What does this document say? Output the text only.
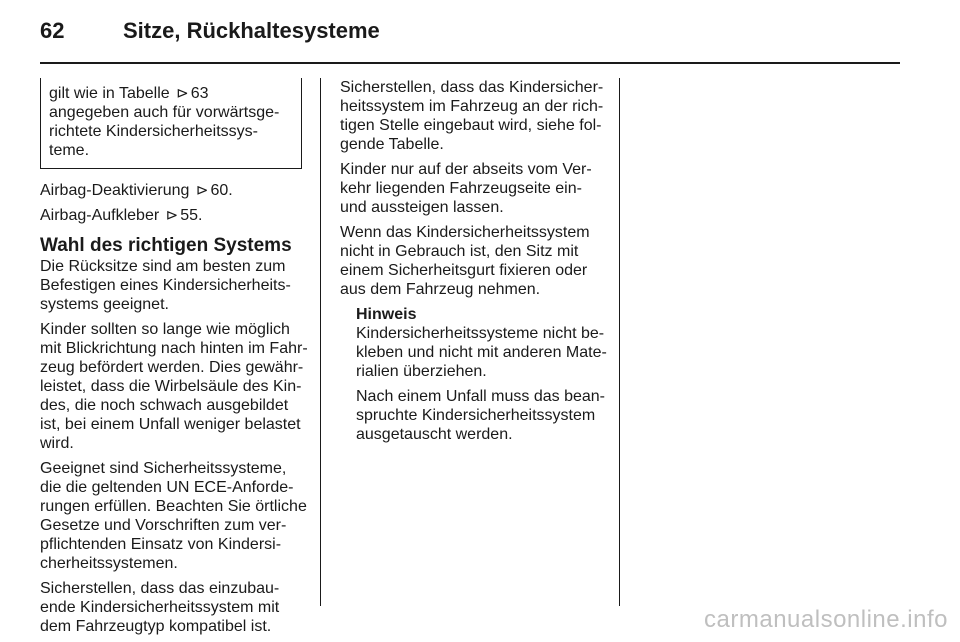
62	Sitze, Rückhaltesysteme
gilt wie in Tabelle ⊳ 63
angegeben auch für vorwärtsge-
richtete Kindersicherheitssys-
teme.

Airbag-Deaktivierung ⊳ 60.

Airbag-Aufkleber ⊳ 55.

Wahl des richtigen Systems

Die Rücksitze sind am besten zum
Befestigen eines Kindersicherheits-
systems geeignet.

Kinder sollten so lange wie möglich
mit Blickrichtung nach hinten im Fahr-
zeug befördert werden. Dies gewähr-
leistet, dass die Wirbelsäule des Kin-
des, die noch schwach ausgebildet
ist, bei einem Unfall weniger belastet
wird.

Geeignet sind Sicherheitssysteme,
die die geltenden UN ECE-Anforde-
rungen erfüllen. Beachten Sie örtliche
Gesetze und Vorschriften zum ver-
pflichtenden Einsatz von Kindersi-
cherheitssystemen.

Sicherstellen, dass das einzubau-
ende Kindersicherheitssystem mit
dem Fahrzeugtyp kompatibel ist.

Sicherstellen, dass das Kindersicher-
heitssystem im Fahrzeug an der rich-
tigen Stelle eingebaut wird, siehe fol-
gende Tabelle.

Kinder nur auf der abseits vom Ver-
kehr liegenden Fahrzeugseite ein-
und aussteigen lassen.

Wenn das Kindersicherheitssystem
nicht in Gebrauch ist, den Sitz mit
einem Sicherheitsgurt fixieren oder
aus dem Fahrzeug nehmen.

Hinweis

Kindersicherheitssysteme nicht be-
kleben und nicht mit anderen Mate-
rialien überziehen.

Nach einem Unfall muss das bean-
spruchte Kindersicherheitssystem
ausgetauscht werden.

carmanualsonline.info
